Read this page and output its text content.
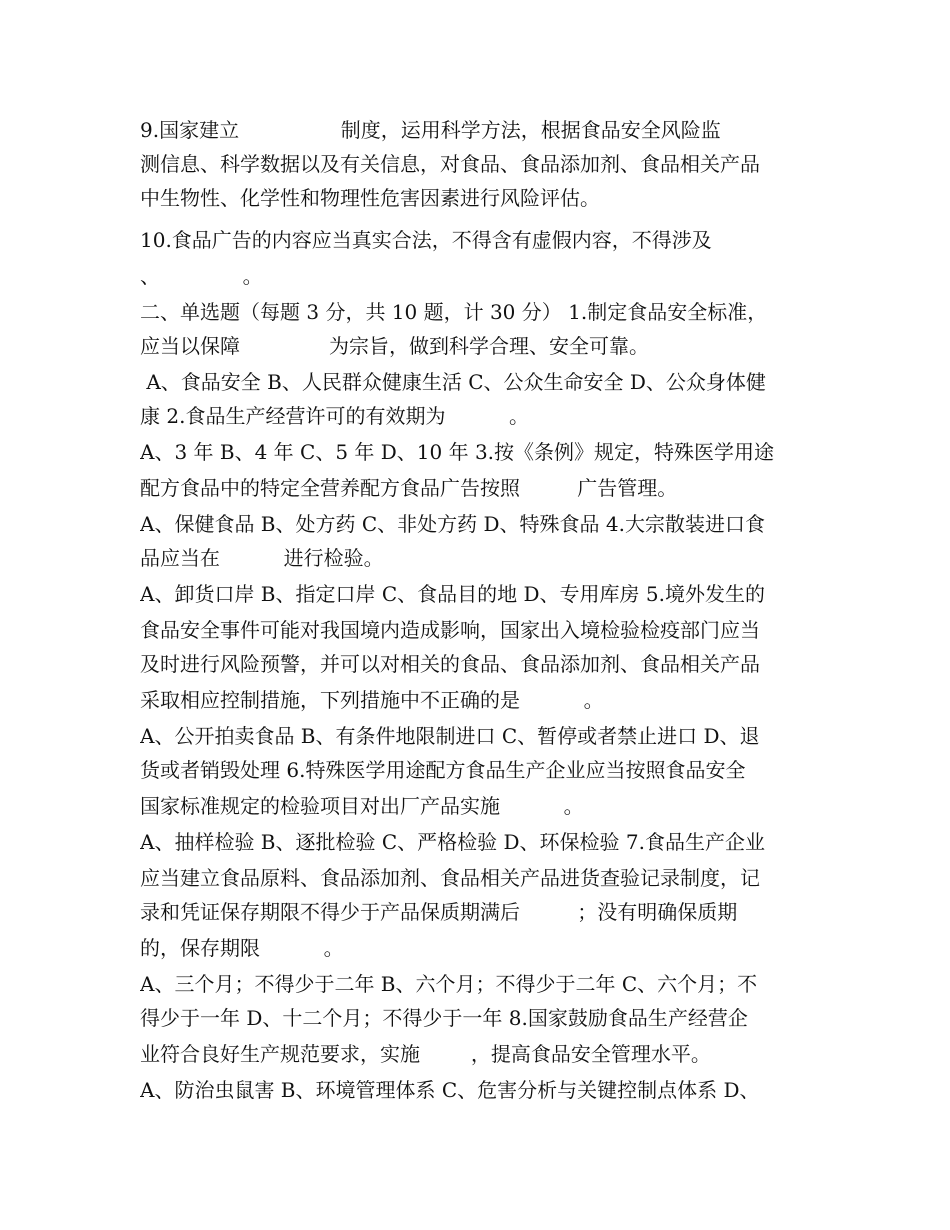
9.国家建立                制度，运用科学方法，根据食品安全风险监
测信息、科学数据以及有关信息，对食品、食品添加剂、食品相关产品
中生物性、化学性和物理性危害因素进行风险评估。
10.食品广告的内容应当真实合法，不得含有虚假内容，不得涉及
、             。
二、单选题（每题 3 分，共 10 题，计 30 分） 1.制定食品安全标准，
应当以保障              为宗旨，做到科学合理、安全可靠。
A、食品安全 B、人民群众健康生活 C、公众生命安全 D、公众身体健
康 2.食品生产经营许可的有效期为          。
A、3 年 B、4 年 C、5 年 D、10 年 3.按《条例》规定，特殊医学用途
配方食品中的特定全营养配方食品广告按照         广告管理。
A、保健食品 B、处方药 C、非处方药 D、特殊食品 4.大宗散装进口食
品应当在          进行检验。
A、卸货口岸 B、指定口岸 C、食品目的地 D、专用库房 5.境外发生的
食品安全事件可能对我国境内造成影响，国家出入境检验检疫部门应当
及时进行风险预警，并可以对相关的食品、食品添加剂、食品相关产品
采取相应控制措施，下列措施中不正确的是          。
A、公开拍卖食品 B、有条件地限制进口 C、暂停或者禁止进口 D、退
货或者销毁处理 6.特殊医学用途配方食品生产企业应当按照食品安全
国家标准规定的检验项目对出厂产品实施          。
A、抽样检验 B、逐批检验 C、严格检验 D、环保检验 7.食品生产企业
应当建立食品原料、食品添加剂、食品相关产品进货查验记录制度，记
录和凭证保存期限不得少于产品保质期满后         ；没有明确保质期
的，保存期限          。
A、三个月；不得少于二年 B、六个月；不得少于二年 C、六个月；不
得少于一年 D、十二个月；不得少于一年 8.国家鼓励食品生产经营企
业符合良好生产规范要求，实施        ，提高食品安全管理水平。
A、防治虫鼠害 B、环境管理体系 C、危害分析与关键控制点体系 D、
